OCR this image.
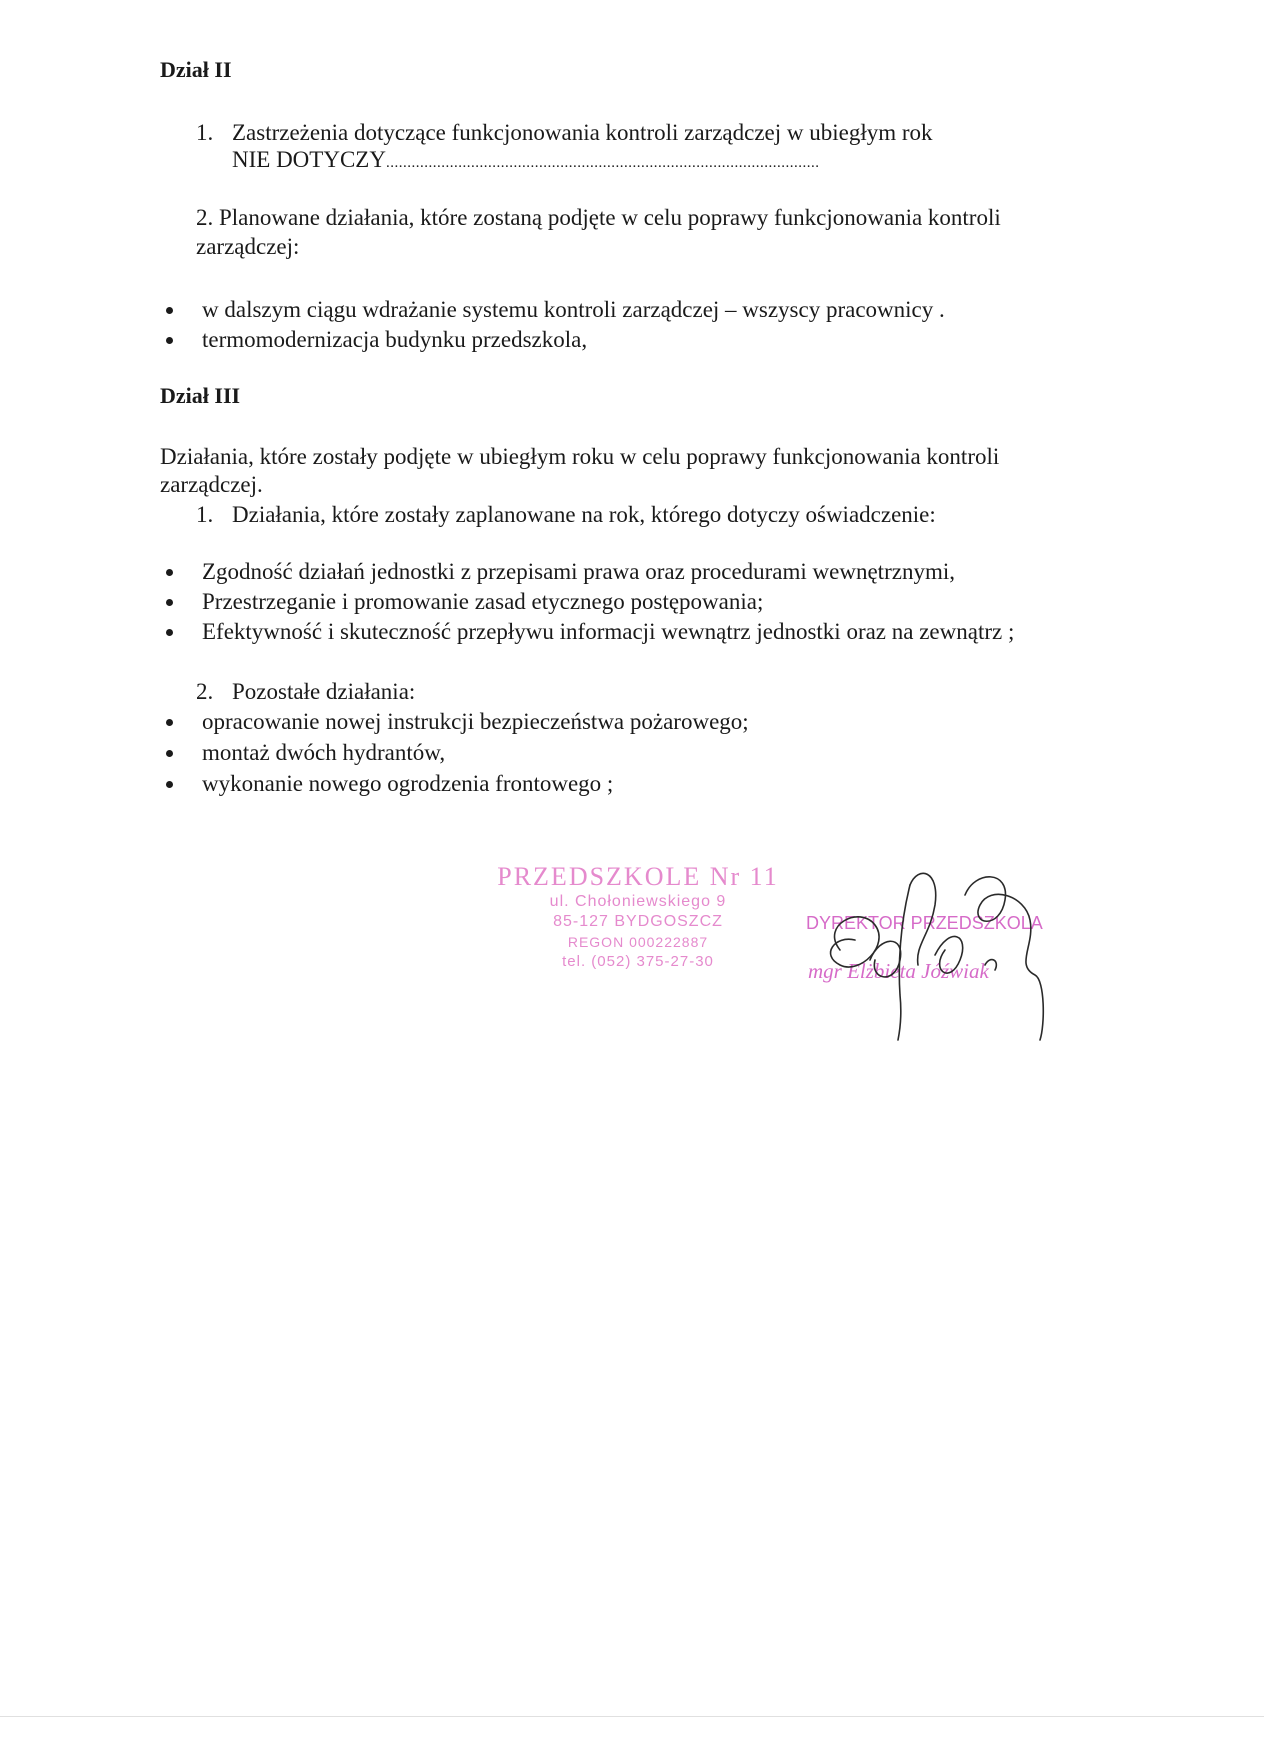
Dział II
1. Zastrzeżenia dotyczące funkcjonowania kontroli zarządczej w ubiegłym rok
NIE DOTYCZY......................................................................................................
2. Planowane działania, które zostaną podjęte w celu poprawy funkcjonowania kontroli
zarządczej:
w dalszym ciągu wdrażanie systemu kontroli zarządczej – wszyscy pracownicy .
termomodernizacja budynku przedszkola,
Dział III
Działania, które zostały podjęte w ubiegłym roku w celu poprawy funkcjonowania kontroli
zarządczej.
1. Działania, które zostały zaplanowane na rok, którego dotyczy oświadczenie:
Zgodność działań jednostki z przepisami prawa oraz procedurami wewnętrznymi,
Przestrzeganie i promowanie zasad etycznego postępowania;
Efektywność i skuteczność przepływu informacji wewnątrz jednostki oraz na zewnątrz ;
2. Pozostałe działania:
opracowanie nowej instrukcji bezpieczeństwa pożarowego;
montaż dwóch hydrantów,
wykonanie nowego ogrodzenia frontowego ;
PRZEDSZKOLE Nr 11
ul. Chołoniewskiego 9
85-127 BYDGOSZCZ
REGON 000222887
tel. (052) 375-27-30
DYREKTOR PRZEDSZKOLA
mgr Elżbieta Jóźwiak
